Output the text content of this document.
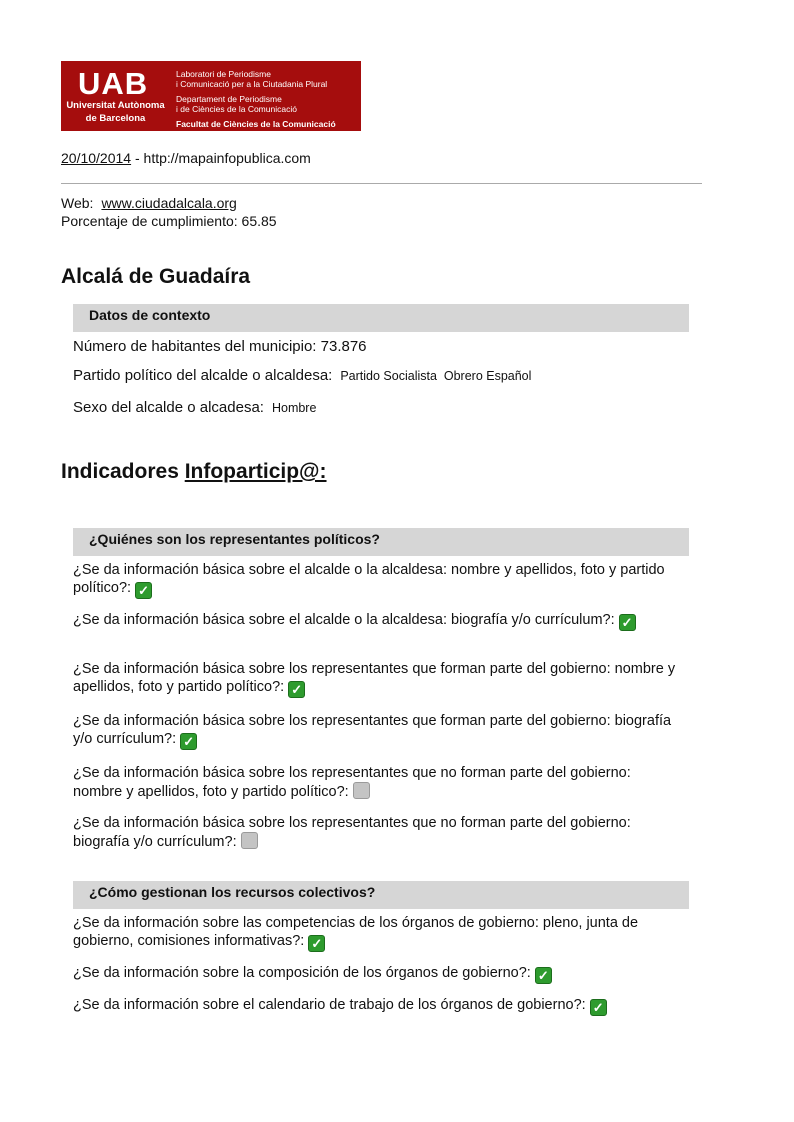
UAB
Universitat Autònoma
de Barcelona
Laboratori de Periodisme
i Comunicació per a la Ciutadania Plural
Departament de Periodisme
i de Ciències de la Comunicació
Facultat de Ciències de la Comunicació
20/10/2014 - http://mapainfopublica.com
Web: www.ciudadalcala.org
Porcentaje de cumplimiento: 65.85
Alcalá de Guadaíra
Datos de contexto
Número de habitantes del municipio: 73.876
Partido político del alcalde o alcaldesa: Partido Socialista  Obrero Español
Sexo del alcalde o alcadesa: Hombre
Indicadores Infoparticip@:
¿Quiénes son los representantes políticos?
¿Se da información básica sobre el alcalde o la alcaldesa: nombre y apellidos, foto y partido político?: ✓
¿Se da información básica sobre el alcalde o la alcaldesa: biografía y/o currículum?: ✓
¿Se da información básica sobre los representantes que forman parte del gobierno: nombre y apellidos, foto y partido político?: ✓
¿Se da información básica sobre los representantes que forman parte del gobierno: biografía y/o currículum?: ✓
¿Se da información básica sobre los representantes que no forman parte del gobierno: nombre y apellidos, foto y partido político?:
¿Se da información básica sobre los representantes que no forman parte del gobierno: biografía y/o currículum?:
¿Cómo gestionan los recursos colectivos?
¿Se da información sobre las competencias de los órganos de gobierno: pleno, junta de gobierno, comisiones informativas?: ✓
¿Se da información sobre la composición de los órganos de gobierno?: ✓
¿Se da información sobre el calendario de trabajo de los órganos de gobierno?: ✓
